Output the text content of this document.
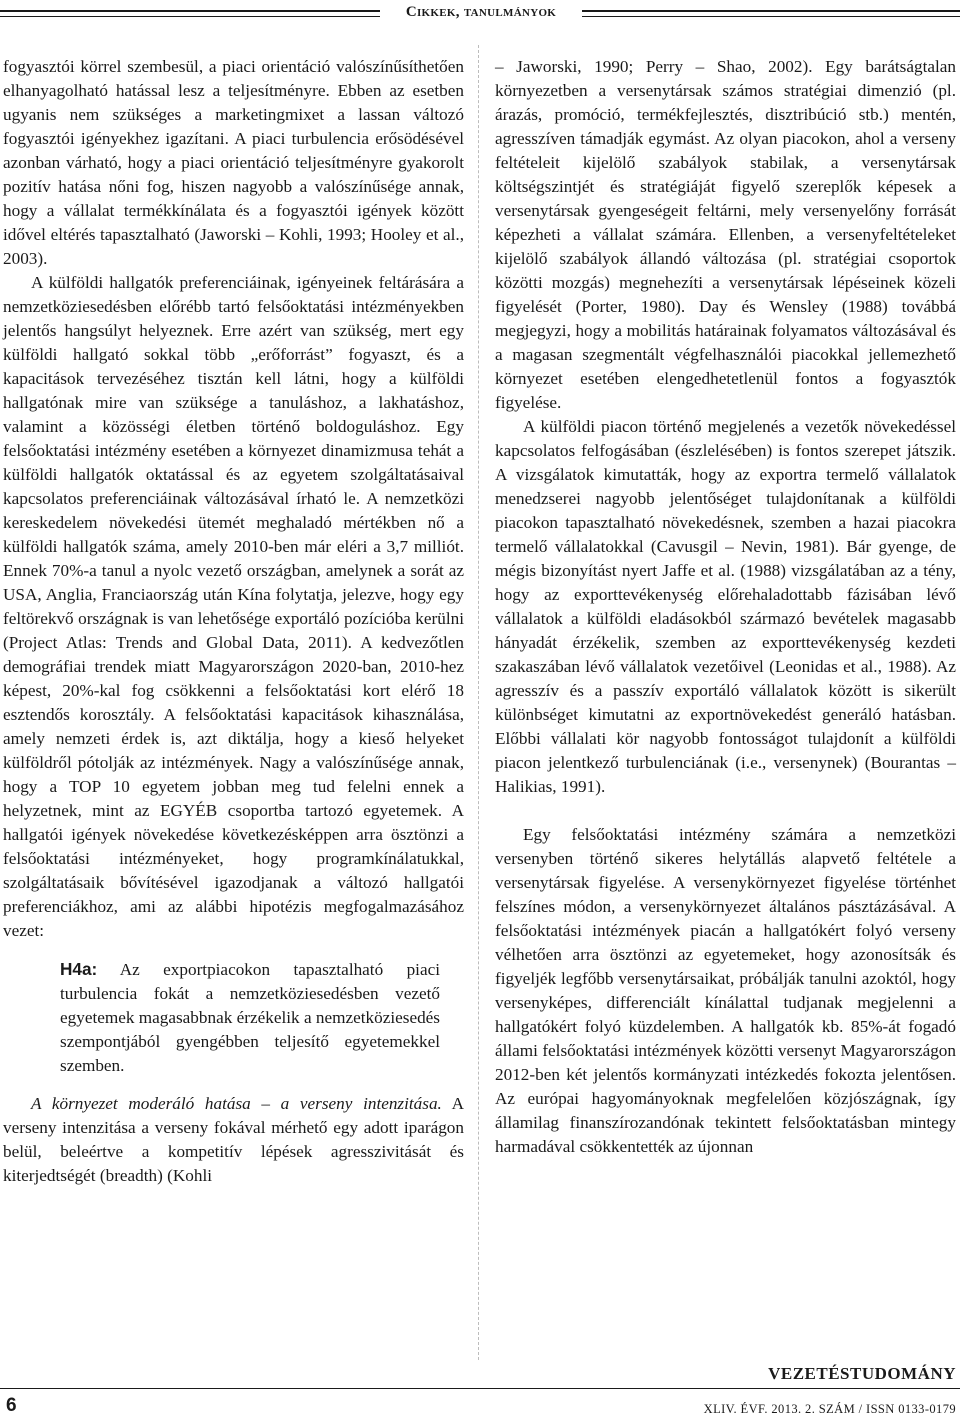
Cikkek, tanulmányok

fogyasztói körrel szembesül, a piaci orientáció valószínűsíthetően elhanyagolható hatással lesz a teljesítményre. Ebben az esetben ugyanis nem szükséges a marketingmixet a lassan változó fogyasztói igényekhez igazítani. A piaci turbulencia erősödésével azonban várható, hogy a piaci orientáció teljesítményre gyakorolt pozitív hatása nőni fog, hiszen nagyobb a valószínűsége annak, hogy a vállalat termékkínálata és a fogyasztói igények között idővel eltérés tapasztalható (Jaworski – Kohli, 1993; Hooley et al., 2003).

A külföldi hallgatók preferenciáinak, igényeinek feltárására a nemzetköziesedésben előrébb tartó felsőoktatási intézményekben jelentős hangsúlyt helyeznek. Erre azért van szükség, mert egy külföldi hallgató sokkal több „erőforrást” fogyaszt, és a kapacitások tervezéséhez tisztán kell látni, hogy a külföldi hallgatónak mire van szüksége a tanuláshoz, a lakhatáshoz, valamint a közösségi életben történő boldoguláshoz. Egy felsőoktatási intézmény esetében a környezet dinamizmusa tehát a külföldi hallgatók oktatással és az egyetem szolgáltatásaival kapcsolatos preferenciáinak változásával írható le. A nemzetközi kereskedelem növekedési ütemét meghaladó mértékben nő a külföldi hallgatók száma, amely 2010-ben már eléri a 3,7 milliót. Ennek 70%-a tanul a nyolc vezető országban, amelynek a sorát az USA, Anglia, Franciaország után Kína folytatja, jelezve, hogy egy feltörekvő országnak is van lehetősége exportáló pozícióba kerülni (Project Atlas: Trends and Global Data, 2011). A kedvezőtlen demográfiai trendek miatt Magyarországon 2020-ban, 2010-hez képest, 20%-kal fog csökkenni a felsőoktatási kort elérő 18 esztendős korosztály. A felsőoktatási kapacitások kihasználása, amely nemzeti érdek is, azt diktálja, hogy a kieső helyeket külföldről pótolják az intézmények. Nagy a valószínűsége annak, hogy a TOP 10 egyetem jobban meg tud felelni ennek a helyzetnek, mint az EGYÉB csoportba tartozó egyetemek. A hallgatói igények növekedése következésképpen arra ösztönzi a felsőoktatási intézményeket, hogy programkínálatukkal, szolgáltatásaik bővítésével igazodjanak a változó hallgatói preferenciákhoz, ami az alábbi hipotézis megfogalmazásához vezet:

H4a: Az exportpiacokon tapasztalható piaci turbulencia fokát a nemzetköziesedésben vezető egyetemek magasabbnak érzékelik a nemzetköziesedés szempontjából gyengébben teljesítő egyetemekkel szemben.

A környezet moderáló hatása – a verseny intenzitása. A verseny intenzitása a verseny fokával mérhető egy adott iparágon belül, beleértve a kompetitív lépések agresszivitását és kiterjedtségét (breadth) (Kohli

– Jaworski, 1990; Perry – Shao, 2002). Egy barátságtalan környezetben a versenytársak számos stratégiai dimenzió (pl. árazás, promóció, termékfejlesztés, disztribúció stb.) mentén, agresszíven támadják egymást. Az olyan piacokon, ahol a verseny feltételeit kijelölő szabályok stabilak, a versenytársak költségszintjét és stratégiáját figyelő szereplők képesek a versenytársak gyengeségeit feltárni, mely versenyelőny forrását képezheti a vállalat számára. Ellenben, a versenyfeltételeket kijelölő szabályok állandó változása (pl. stratégiai csoportok közötti mozgás) megnehezíti a versenytársak lépéseinek közeli figyelését (Porter, 1980). Day és Wensley (1988) továbbá megjegyzi, hogy a mobilitás határainak folyamatos változásával és a magasan szegmentált végfelhasználói piacokkal jellemezhető környezet esetében elengedhetetlenül fontos a fogyasztók figyelése.

A külföldi piacon történő megjelenés a vezetők növekedéssel kapcsolatos felfogásában (észlelésében) is fontos szerepet játszik. A vizsgálatok kimutatták, hogy az exportra termelő vállalatok menedzserei nagyobb jelentőséget tulajdonítanak a külföldi piacokon tapasztalható növekedésnek, szemben a hazai piacokra termelő vállalatokkal (Cavusgil – Nevin, 1981). Bár gyenge, de mégis bizonyítást nyert Jaffe et al. (1988) vizsgálatában az a tény, hogy az exporttevékenység előrehaladottabb fázisában lévő vállalatok a külföldi eladásokból származó bevételek magasabb hányadát érzékelik, szemben az exporttevékenység kezdeti szakaszában lévő vállalatok vezetőivel (Leonidas et al., 1988). Az agresszív és a passzív exportáló vállalatok között is sikerült különbséget kimutatni az exportnövekedést generáló hatásban. Előbbi vállalati kör nagyobb fontosságot tulajdonít a külföldi piacon jelentkező turbulenciának (i.e., versenynek) (Bourantas – Halikias, 1991).

Egy felsőoktatási intézmény számára a nemzetközi versenyben történő sikeres helytállás alapvető feltétele a versenytársak figyelése. A versenykörnyezet figyelése történhet felszínes módon, a versenykörnyezet általános pásztázásával. A felsőoktatási intézmények piacán a hallgatókért folyó verseny vélhetően arra ösztönzi az egyetemeket, hogy azonosítsák és figyeljék legfőbb versenytársaikat, próbálják tanulni azoktól, hogy versenyképes, differenciált kínálattal tudjanak megjelenni a hallgatókért folyó küzdelemben. A hallgatók kb. 85%-át fogadó állami felsőoktatási intézmények közötti versenyt Magyarországon 2012-ben két jelentős kormányzati intézkedés fokozta jelentősen. Az európai hagyományoknak megfelelően közjószágnak, így államilag finanszírozandónak tekintett felsőoktatásban mintegy harmadával csökkentették az újonnan

VEZETÉSTUDOMÁNY
6	XLIV. ÉVF. 2013. 2. SZÁM / ISSN 0133-0179
